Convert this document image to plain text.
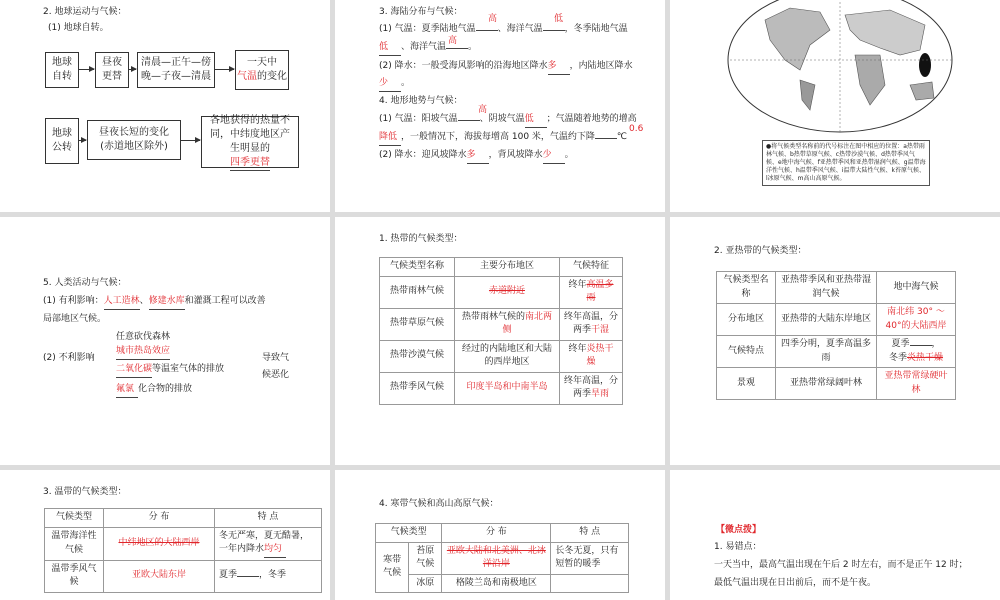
2. 地球运动与气候：
(1) 地球自转。
地球
自转
昼夜
更替
清晨—正午—傍
晚—子夜—清晨
一天中
气温的变化
地球
公转
昼夜长短的变化
(赤道地区除外)
各地获得的热量不
同，中纬度地区产
生明显的
四季更替
3. 海陆分布与气候：
(1) 气温：夏季陆地气温 、海洋气温 ，冬季陆地气温
高	低
低 、海洋气温 。
高
(2) 降水：一般受海风影响的沿海地区降水多 ，内陆地区降水
少 。
4. 地形地势与气候：
(1) 气温：阳坡气温 、阴坡气温低 ；气温随着地势的增高
高
降低 ，一般情况下，海拔每增高 100 米，气温约下降 ℃
0.6
(2) 降水：迎风坡降水多 ，背风坡降水少 。
●将气候类型名称前的代号标注在图中相应的位置：a热带雨林气候、b热带草原气候、c热带沙漠气候、d热带季风气候、e地中海气候、f亚热带季风和亚热带湿润气候、g温带海洋性气候、h温带季风气候、i温带大陆性气候、k苔原气候、l冰原气候、m高山高原气候。
5. 人类活动与气候：
(1) 有利影响：人工造林、修建水库和灌溉工程可以改善
局部地区气候。
(2) 不利影响
任意砍伐森林
城市热岛效应
二氧化碳等温室气体的排放
氟氯 化合物的排放
导致气
候恶化
1. 热带的气候类型：
气候类型名称	主要分布地区	气候特征
热带雨林气候	赤道附近	终年高温多雨
热带草原气候	热带雨林气候的南北两侧	终年高温，分两季干湿
热带沙漠气候	经过的内陆地区和大陆的西岸地区	终年炎热干燥
热带季风气候	印度半岛和中南半岛	终年高温，分两季旱雨
2. 亚热带的气候类型：
气候类型名称	亚热带季风和亚热带湿润气候	地中海气候
分布地区	亚热带的大陆东岸地区	南北纬 30° ～ 40°的大陆西岸
气候特点	四季分明，夏季高温多雨	夏季 ，
冬季炎热干燥
景观	亚热带常绿阔叶林	亚热带常绿硬叶林
3. 温带的气候类型：
气候类型	分 布	特 点
温带海洋性气候	中纬地区的大陆西岸	冬无严寒，夏无酷暑，一年内降水均匀
温带季风气候	亚欧大陆东岸	夏季 ，冬季
4. 寒带气候和高山高原气候：
气候类型		分 布	特 点
寒带气候	苔原气候	亚欧大陆和北美洲、北冰洋沿岸	长冬无夏，只有短暂的暖季
	冰原	格陵兰岛和南极地区	
【微点拨】
1. 易错点：
一天当中，最高气温出现在午后 2 时左右，而不是正午 12 时；
最低气温出现在日出前后，而不是午夜。
